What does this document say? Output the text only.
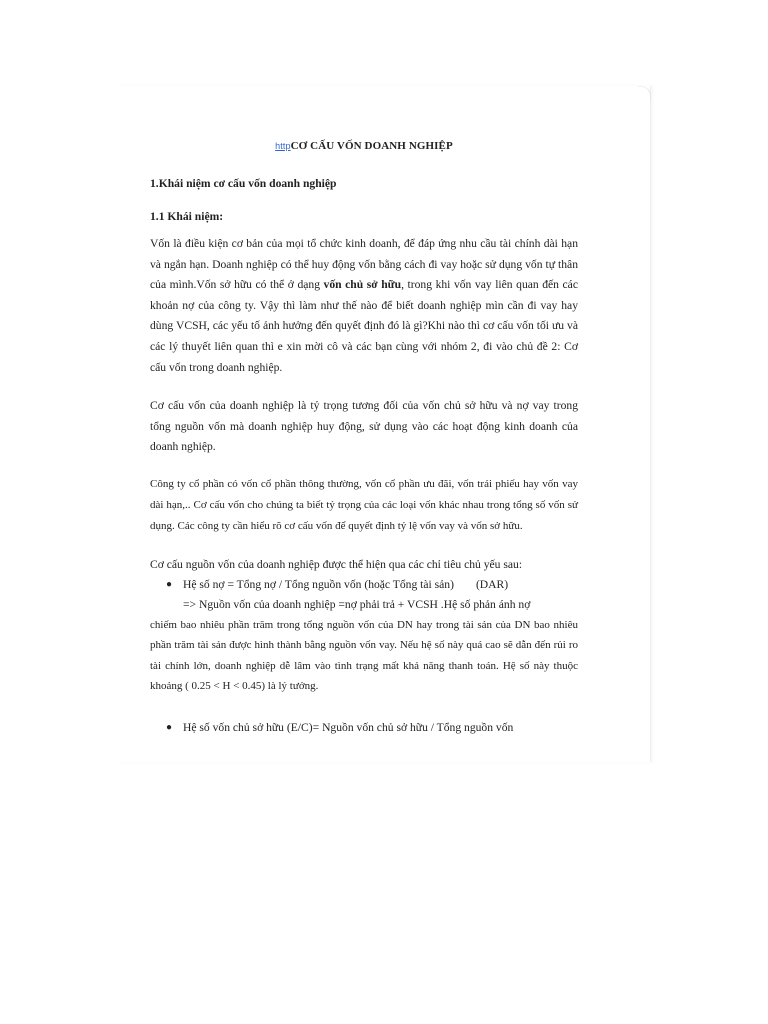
httpCƠ CẤU VỐN DOANH NGHIỆP
1.Khái niệm cơ cấu vốn doanh nghiệp
1.1 Khái niệm:

Vốn là điều kiện cơ bản của mọi tổ chức kinh doanh, để đáp ứng nhu cầu tài chính dài hạn và ngắn hạn. Doanh nghiệp có thể huy động vốn bằng cách đi vay hoặc sử dụng vốn tự thân của mình.Vốn sở hữu có thể ở dạng vốn chủ sở hữu, trong khi vốn vay liên quan đến các khoản nợ của công ty. Vậy thì làm như thế nào để biết doanh nghiệp mìn cần đi vay hay dùng VCSH, các yếu tố ảnh hưởng đến quyết định đó là gì?Khi nào thì cơ cấu vốn tối ưu và các lý thuyết liên quan thì e xin mời cô và các bạn cùng với nhóm 2, đi vào chủ đề 2: Cơ cấu vốn trong doanh nghiệp.

Cơ cấu vốn của doanh nghiệp là tỷ trọng tương đối của vốn chủ sở hữu và nợ vay trong tổng nguồn vốn mà doanh nghiệp huy động, sử dụng vào các hoạt động kinh doanh của doanh nghiệp.

Công ty cổ phần có vốn cổ phần thông thường, vốn cổ phần ưu đãi, vốn trái phiếu hay vốn vay dài hạn,.. Cơ cấu vốn cho chúng ta biết tỷ trọng của các loại vốn khác nhau trong tổng số vốn sử dụng. Các công ty cần hiểu rõ cơ cấu vốn để quyết định tỷ lệ vốn vay và vốn sở hữu.

Cơ cấu nguồn vốn của doanh nghiệp được thể hiện qua các chỉ tiêu chủ yếu sau:

● Hệ số nợ = Tổng nợ / Tổng nguồn vốn (hoặc Tổng tài sản) (DAR)

=> Nguồn vốn của doanh nghiệp =nợ phải trả + VCSH .Hệ số phản ánh nợ

chiếm bao nhiêu phần trăm trong tổng nguồn vốn của DN hay trong tài sản của DN bao nhiêu phần trăm tài sản được hình thành bằng nguồn vốn vay. Nếu hệ số này quá cao sẽ dẫn đến rủi ro tài chính lớn, doanh nghiệp dễ lâm vào tình trạng mất khả năng thanh toán. Hệ số này thuộc khoảng ( 0.25 < H < 0.45) là lý tưởng.

● Hệ số vốn chủ sở hữu (E/C)= Nguồn vốn chủ sở hữu / Tổng nguồn vốn
